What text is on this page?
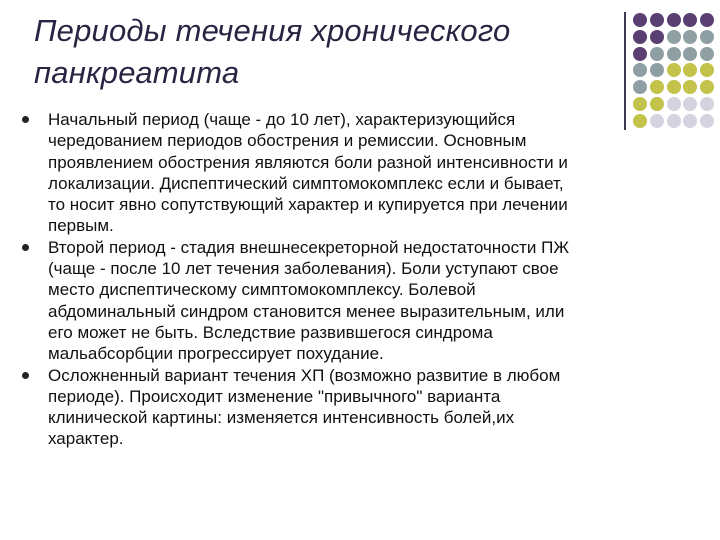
Периоды течения хронического
панкреатита
Начальный период (чаще - до 10 лет), характеризующийся
чередованием периодов обострения и ремиссии. Основным
проявлением обострения являются боли разной интенсивности и
локализации. Диспептический симптомокомплекс если и бывает,
то носит явно сопутствующий характер и купируется при лечении
первым.
Второй период - стадия внешнесекреторной недостаточности ПЖ
(чаще - после 10 лет течения заболевания). Боли уступают свое
место диспептическому симптомокомплексу. Болевой
абдоминальный синдром становится менее выразительным, или
его может не быть. Вследствие развившегося синдрома
мальабсорбции прогрессирует похудание.
Осложненный вариант течения ХП (возможно развитие в любом
периоде). Происходит изменение "привычного" варианта
клинической картины: изменяется интенсивность болей,их
характер.
